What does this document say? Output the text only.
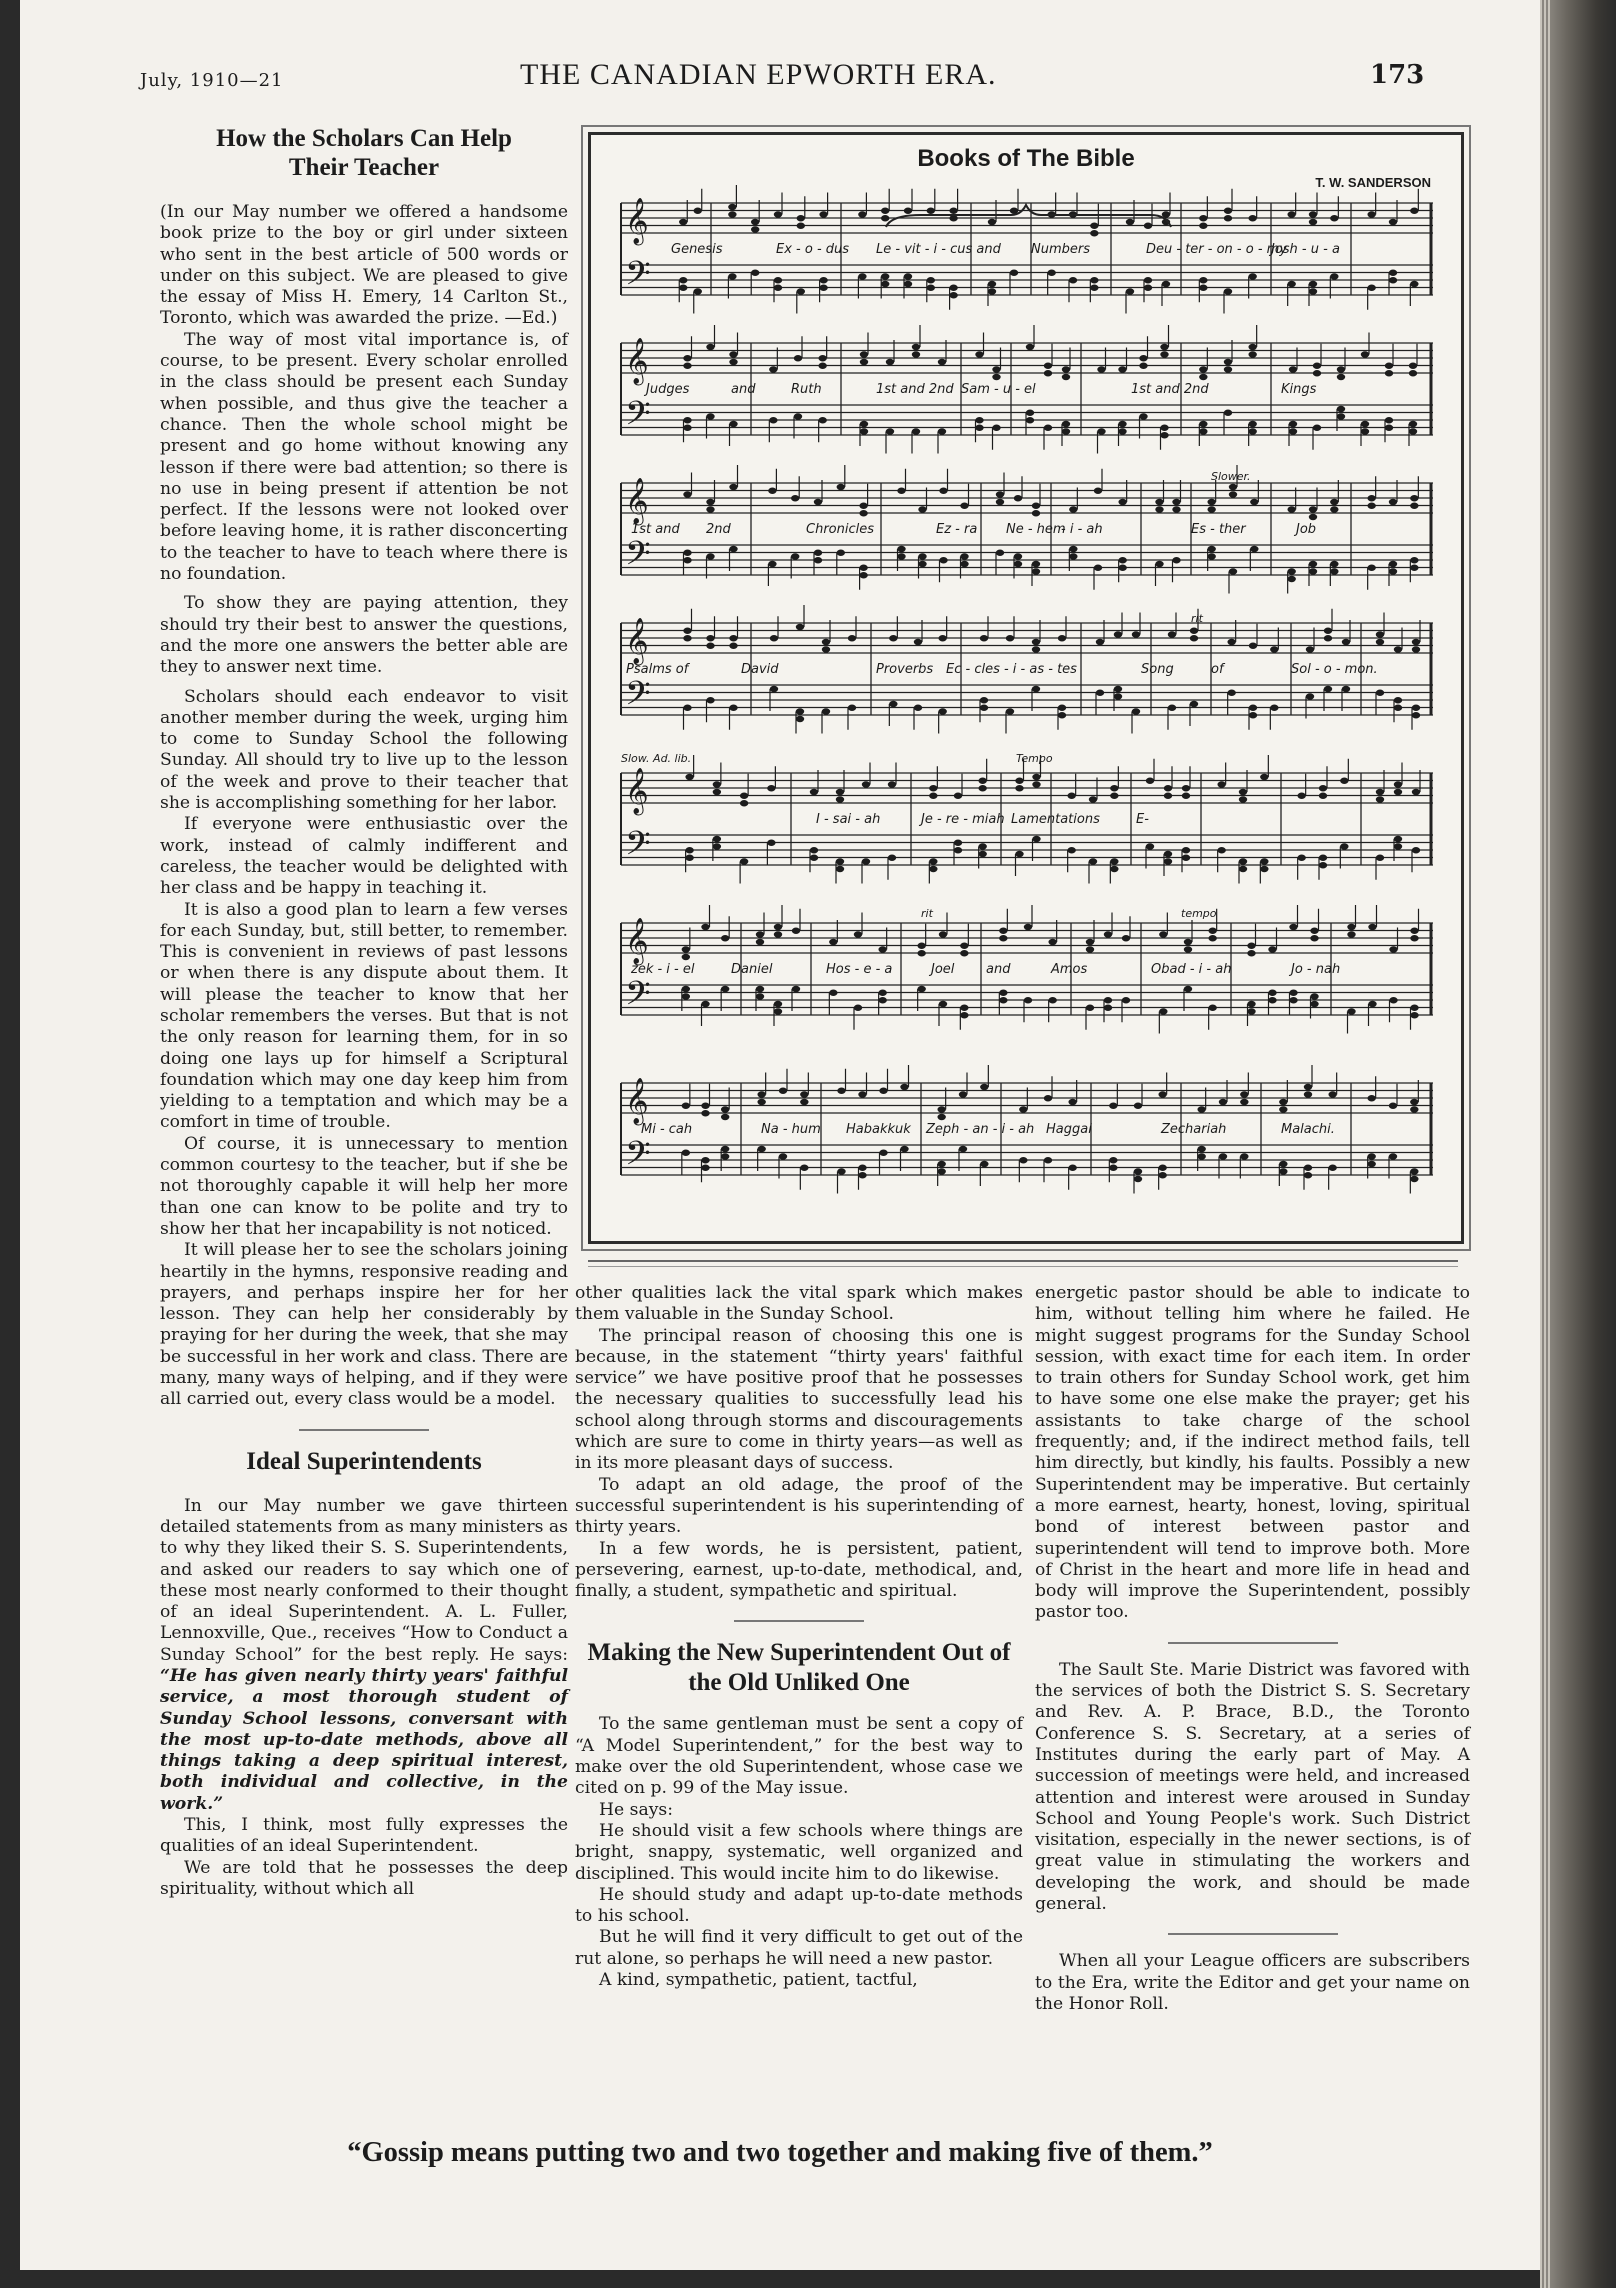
July, 1910—21	THE CANADIAN EPWORTH ERA.	173
How the Scholars Can Help
Their Teacher

(In our May number we offered a handsome book prize to the boy or girl under sixteen who sent in the best article of 500 words or under on this subject. We are pleased to give the essay of Miss H. Emery, 14 Carlton St., Toronto, which was awarded the prize. —Ed.)

The way of most vital importance is, of course, to be present. Every scholar enrolled in the class should be present each Sunday when possible, and thus give the teacher a chance. Then the whole school might be present and go home without knowing any lesson if there were bad attention; so there is no use in being present if attention be not perfect. If the lessons were not looked over before leaving home, it is rather disconcerting to the teacher to have to teach where there is no foundation.

To show they are paying attention, they should try their best to answer the questions, and the more one answers the better able are they to answer next time.

Scholars should each endeavor to visit another member during the week, urging him to come to Sunday School the following Sunday. All should try to live up to the lesson of the week and prove to their teacher that she is accomplishing something for her labor.

If everyone were enthusiastic over the work, instead of calmly indifferent and careless, the teacher would be delighted with her class and be happy in teaching it.

It is also a good plan to learn a few verses for each Sunday, but, still better, to remember. This is convenient in reviews of past lessons or when there is any dispute about them. It will please the teacher to know that her scholar remembers the verses. But that is not the only reason for learning them, for in so doing one lays up for himself a Scriptural foundation which may one day keep him from yielding to a temptation and which may be a comfort in time of trouble.

Of course, it is unnecessary to mention common courtesy to the teacher, but if she be not thoroughly capable it will help her more than one can know to be polite and try to show her that her incapability is not noticed.

It will please her to see the scholars joining heartily in the hymns, responsive reading and prayers, and perhaps inspire her for her lesson. They can help her considerably by praying for her during the week, that she may be successful in her work and class. There are many, many ways of helping, and if they were all carried out, every class would be a model.

Ideal Superintendents

In our May number we gave thirteen detailed statements from as many ministers as to why they liked their S. S. Superintendents, and asked our readers to say which one of these most nearly conformed to their thought of an ideal Superintendent. A. L. Fuller, Lennoxville, Que., receives “How to Conduct a Sunday School” for the best reply. He says: “He has given nearly thirty years' faithful service, a most thorough student of Sunday School lessons, conversant with the most up-to-date methods, above all things taking a deep spiritual interest, both individual and collective, in the work.”

This, I think, most fully expresses the qualities of an ideal Superintendent.

We are told that he possesses the deep spirituality, without which all

Books of The Bible
T. W. SANDERSON
𝄞
𝄢
Genesis	Ex - o - dus Le - vit - i - cus and Numbers	Deu - ter - on - o - my
Josh - u - a
𝄞
𝄢
Judges	and	Ruth	1st and 2nd Sam - u - el	1st and 2nd	Kings
𝄞
𝄢
1st and 2nd	Chronicles	Ez - ra Ne - hem
- i - ah	Es - ther	Job
𝄞
𝄢
Psalms of	David	Proverbs Ec - cles - i - as - tes	Song	of	Sol - o - mon.
𝄞
𝄢
I - sai - ah	Je - re - miah Lamentations	E-
𝄞
𝄢
zek - i - el	Daniel	Hos - e - a	Joel and	Amos	Obad - i - ah	Jo - nah
𝄞
𝄢
Mi - cah	Na - hum Habakkuk Zeph - an - i - ah Haggai	Zechariah	Malachi.
Slower.
rit
Slow. Ad. lib.	Tempo
rit	tempo

other qualities lack the vital spark which makes them valuable in the Sunday School.

The principal reason of choosing this one is because, in the statement “thirty years' faithful service” we have positive proof that he possesses the necessary qualities to successfully lead his school along through storms and discouragements which are sure to come in thirty years—as well as in its more pleasant days of success.

To adapt an old adage, the proof of the successful superintendent is his superintending of thirty years.

In a few words, he is persistent, patient, persevering, earnest, up-to-date, methodical, and, finally, a student, sympathetic and spiritual.

Making the New Superintendent Out of the Old Unliked One

To the same gentleman must be sent a copy of “A Model Superintendent,” for the best way to make over the old Superintendent, whose case we cited on p. 99 of the May issue.

He says:

He should visit a few schools where things are bright, snappy, systematic, well organized and disciplined. This would incite him to do likewise.

He should study and adapt up-to-date methods to his school.

But he will find it very difficult to get out of the rut alone, so perhaps he will need a new pastor.

A kind, sympathetic, patient, tactful,

energetic pastor should be able to indicate to him, without telling him where he failed. He might suggest programs for the Sunday School session, with exact time for each item. In order to train others for Sunday School work, get him to have some one else make the prayer; get his assistants to take charge of the school frequently; and, if the indirect method fails, tell him directly, but kindly, his faults. Possibly a new Superintendent may be imperative. But certainly a more earnest, hearty, honest, loving, spiritual bond of interest between pastor and superintendent will tend to improve both. More of Christ in the heart and more life in head and body will improve the Superintendent, possibly pastor too.

The Sault Ste. Marie District was favored with the services of both the District S. S. Secretary and Rev. A. P. Brace, B.D., the Toronto Conference S. S. Secretary, at a series of Institutes during the early part of May. A succession of meetings were held, and increased attention and interest were aroused in Sunday School and Young People's work. Such District visitation, especially in the newer sections, is of great value in stimulating the workers and developing the work, and should be made general.

When all your League officers are subscribers to the Era, write the Editor and get your name on the Honor Roll.

“Gossip means putting two and two together and making five of them.”
